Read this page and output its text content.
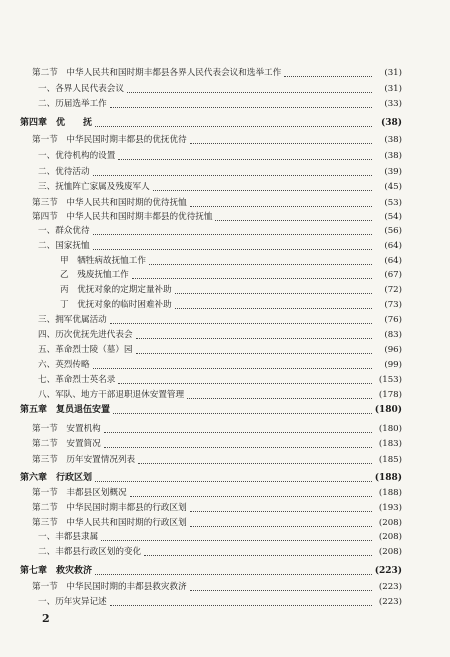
第二节　中华人民共和国时期丰都县各界人民代表会议和选举工作	(31)
一、各界人民代表会议	(31)
二、历届选举工作	(33)
第四章　优　　抚	(38)
第一节　中华民国时期丰都县的优抚优待	(38)
一、优待机构的设置	(38)
二、优待活动	(39)
三、抚恤阵亡家属及残废军人	(45)
第三节　中华人民共和国时期的优待抚恤	(53)
第四节　中华人民共和国时期丰都县的优待抚恤	(54)
一、群众优待	(56)
二、国家抚恤	(64)
甲　牺牲病故抚恤工作	(64)
乙　残废抚恤工作	(67)
丙　优抚对象的定期定量补助	(72)
丁　优抚对象的临时困难补助	(73)
三、拥军优属活动	(76)
四、历次优抚先进代表会	(83)
五、革命烈士陵（墓）园	(96)
六、英烈传略	(99)
七、革命烈士英名录	(153)
八、军队、地方干部退职退休安置管理	(178)
第五章　复员退伍安置	(180)
第一节　安置机构	(180)
第二节　安置简况	(183)
第三节　历年安置情况列表	(185)
第六章　行政区划	(188)
第一节　丰都县区划概况	(188)
第二节　中华民国时期丰都县的行政区划	(193)
第三节　中华人民共和国时期的行政区划	(208)
一、丰都县隶属	(208)
二、丰都县行政区划的变化	(208)
第七章　救灾救济	(223)
第一节　中华民国时期的丰都县救灾救济	(223)
一、历年灾异记述	(223)
2
